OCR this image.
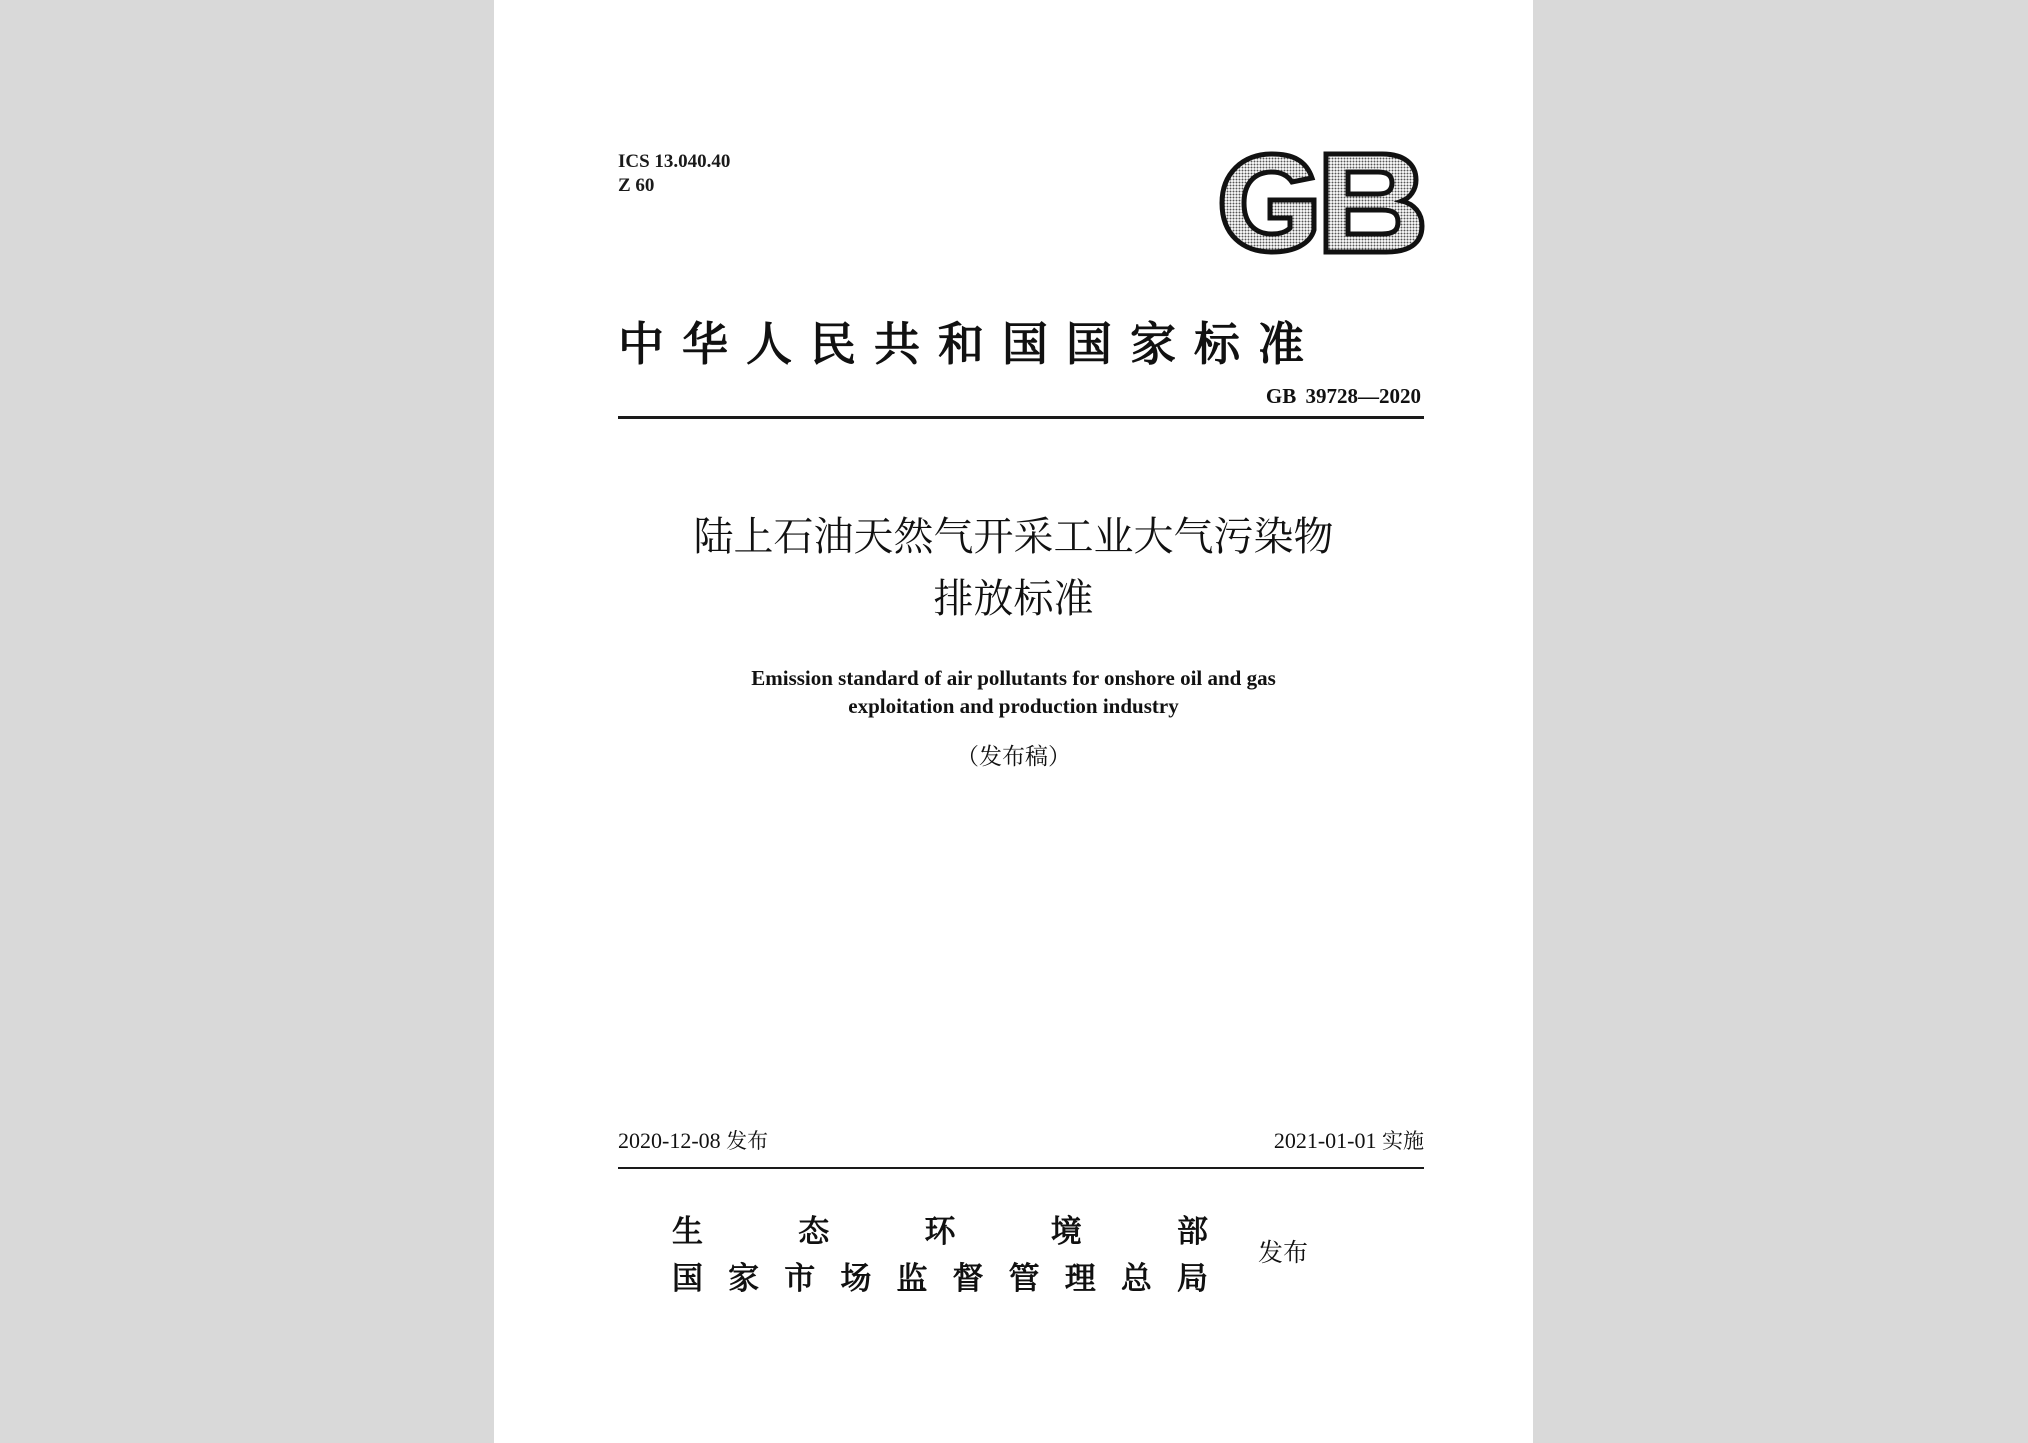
ICS 13.040.40
Z 60
中华人民共和国国家标准
GB 39728—2020
陆上石油天然气开采工业大气污染物
排放标准
Emission standard of air pollutants for onshore oil and gas
exploitation and production industry
（发布稿）
2020-12-08 发布	2021-01-01 实施
生	态	环	境	部
国 家 市 场 监 督 管 理 总 局
发布
